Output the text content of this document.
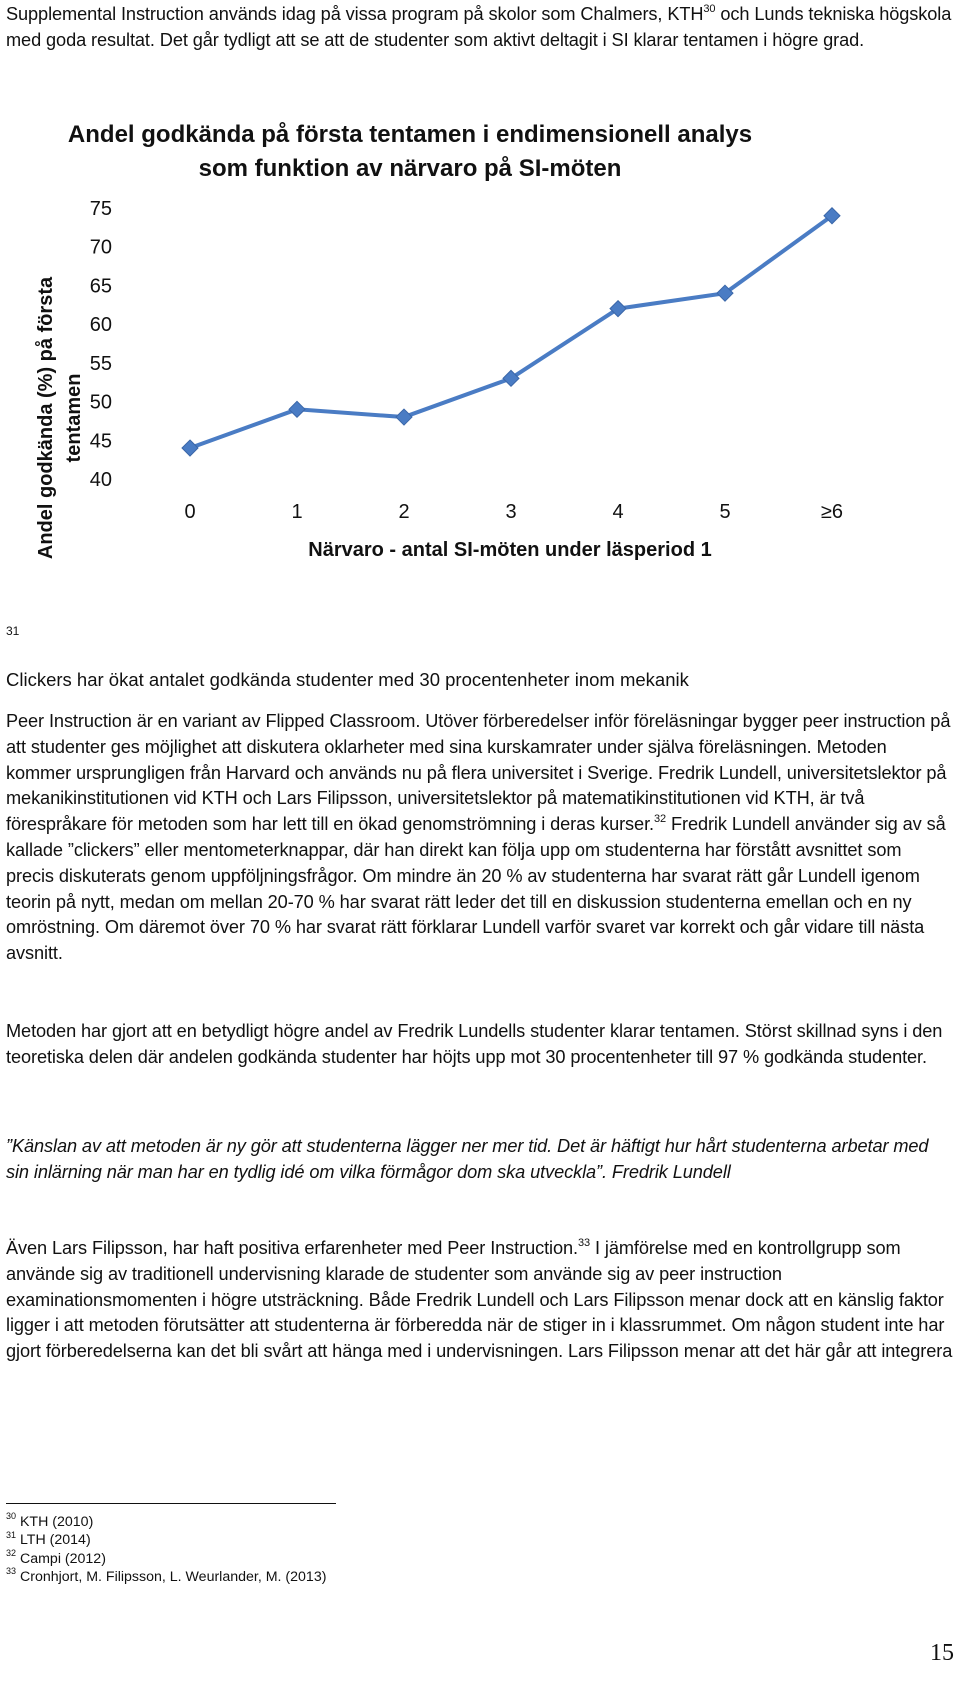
Supplemental Instruction används idag på vissa program på skolor som Chalmers, KTH$^{30}$ och Lunds tekniska högskola med goda resultat. Det går tydligt att se att de studenter som aktivt deltagit i SI klarar tentamen i högre grad.

Andel godkända på första tentamen i endimensionell analys
som funktion av närvaro på SI-möten
Andel godkända (%) på första tentamen
40
45
50
55
60
65
70
75
0	1	2	3	4	5	≥6
Närvaro - antal SI-möten under läsperiod 1
31
Clickers har ökat antalet godkända studenter med 30 procentenheter inom mekanik

Peer Instruction är en variant av Flipped Classroom. Utöver förberedelser inför föreläsningar bygger peer instruction på att studenter ges möjlighet att diskutera oklarheter med sina kurskamrater under själva föreläsningen. Metoden kommer ursprungligen från Harvard och används nu på flera universitet i Sverige. Fredrik Lundell, universitetslektor på mekanikinstitutionen vid KTH och Lars Filipsson, universitetslektor på matematikinstitutionen vid KTH, är två förespråkare för metoden som har lett till en ökad genomströmning i deras kurser.$^{32}$ Fredrik Lundell använder sig av så kallade ”clickers” eller mentometerknappar, där han direkt kan följa upp om studenterna har förstått avsnittet som precis diskuterats genom uppföljningsfrågor. Om mindre än 20 % av studenterna har svarat rätt går Lundell igenom teorin på nytt, medan om mellan 20-70 % har svarat rätt leder det till en diskussion studenterna emellan och en ny omröstning. Om däremot över 70 % har svarat rätt förklarar Lundell varför svaret var korrekt och går vidare till nästa avsnitt.

Metoden har gjort att en betydligt högre andel av Fredrik Lundells studenter klarar tentamen. Störst skillnad syns i den teoretiska delen där andelen godkända studenter har höjts upp mot 30 procentenheter till 97 % godkända studenter.

”Känslan av att metoden är ny gör att studenterna lägger ner mer tid. Det är häftigt hur hårt studenterna arbetar med sin inlärning när man har en tydlig idé om vilka förmågor dom ska utveckla”. Fredrik Lundell

Även Lars Filipsson, har haft positiva erfarenheter med Peer Instruction.$^{33}$ I jämförelse med en kontrollgrupp som använde sig av traditionell undervisning klarade de studenter som använde sig av peer instruction examinationsmomenten i högre utsträckning. Både Fredrik Lundell och Lars Filipsson menar dock att en känslig faktor ligger i att metoden förutsätter att studenterna är förberedda när de stiger in i klassrummet. Om någon student inte har gjort förberedelserna kan det bli svårt att hänga med i undervisningen. Lars Filipsson menar att det här går att integrera

$^{30}$ KTH (2010)
$^{31}$ LTH (2014)
$^{32}$ Campi (2012)
$^{33}$ Cronhjort, M. Filipsson, L. Weurlander, M. (2013)
15
